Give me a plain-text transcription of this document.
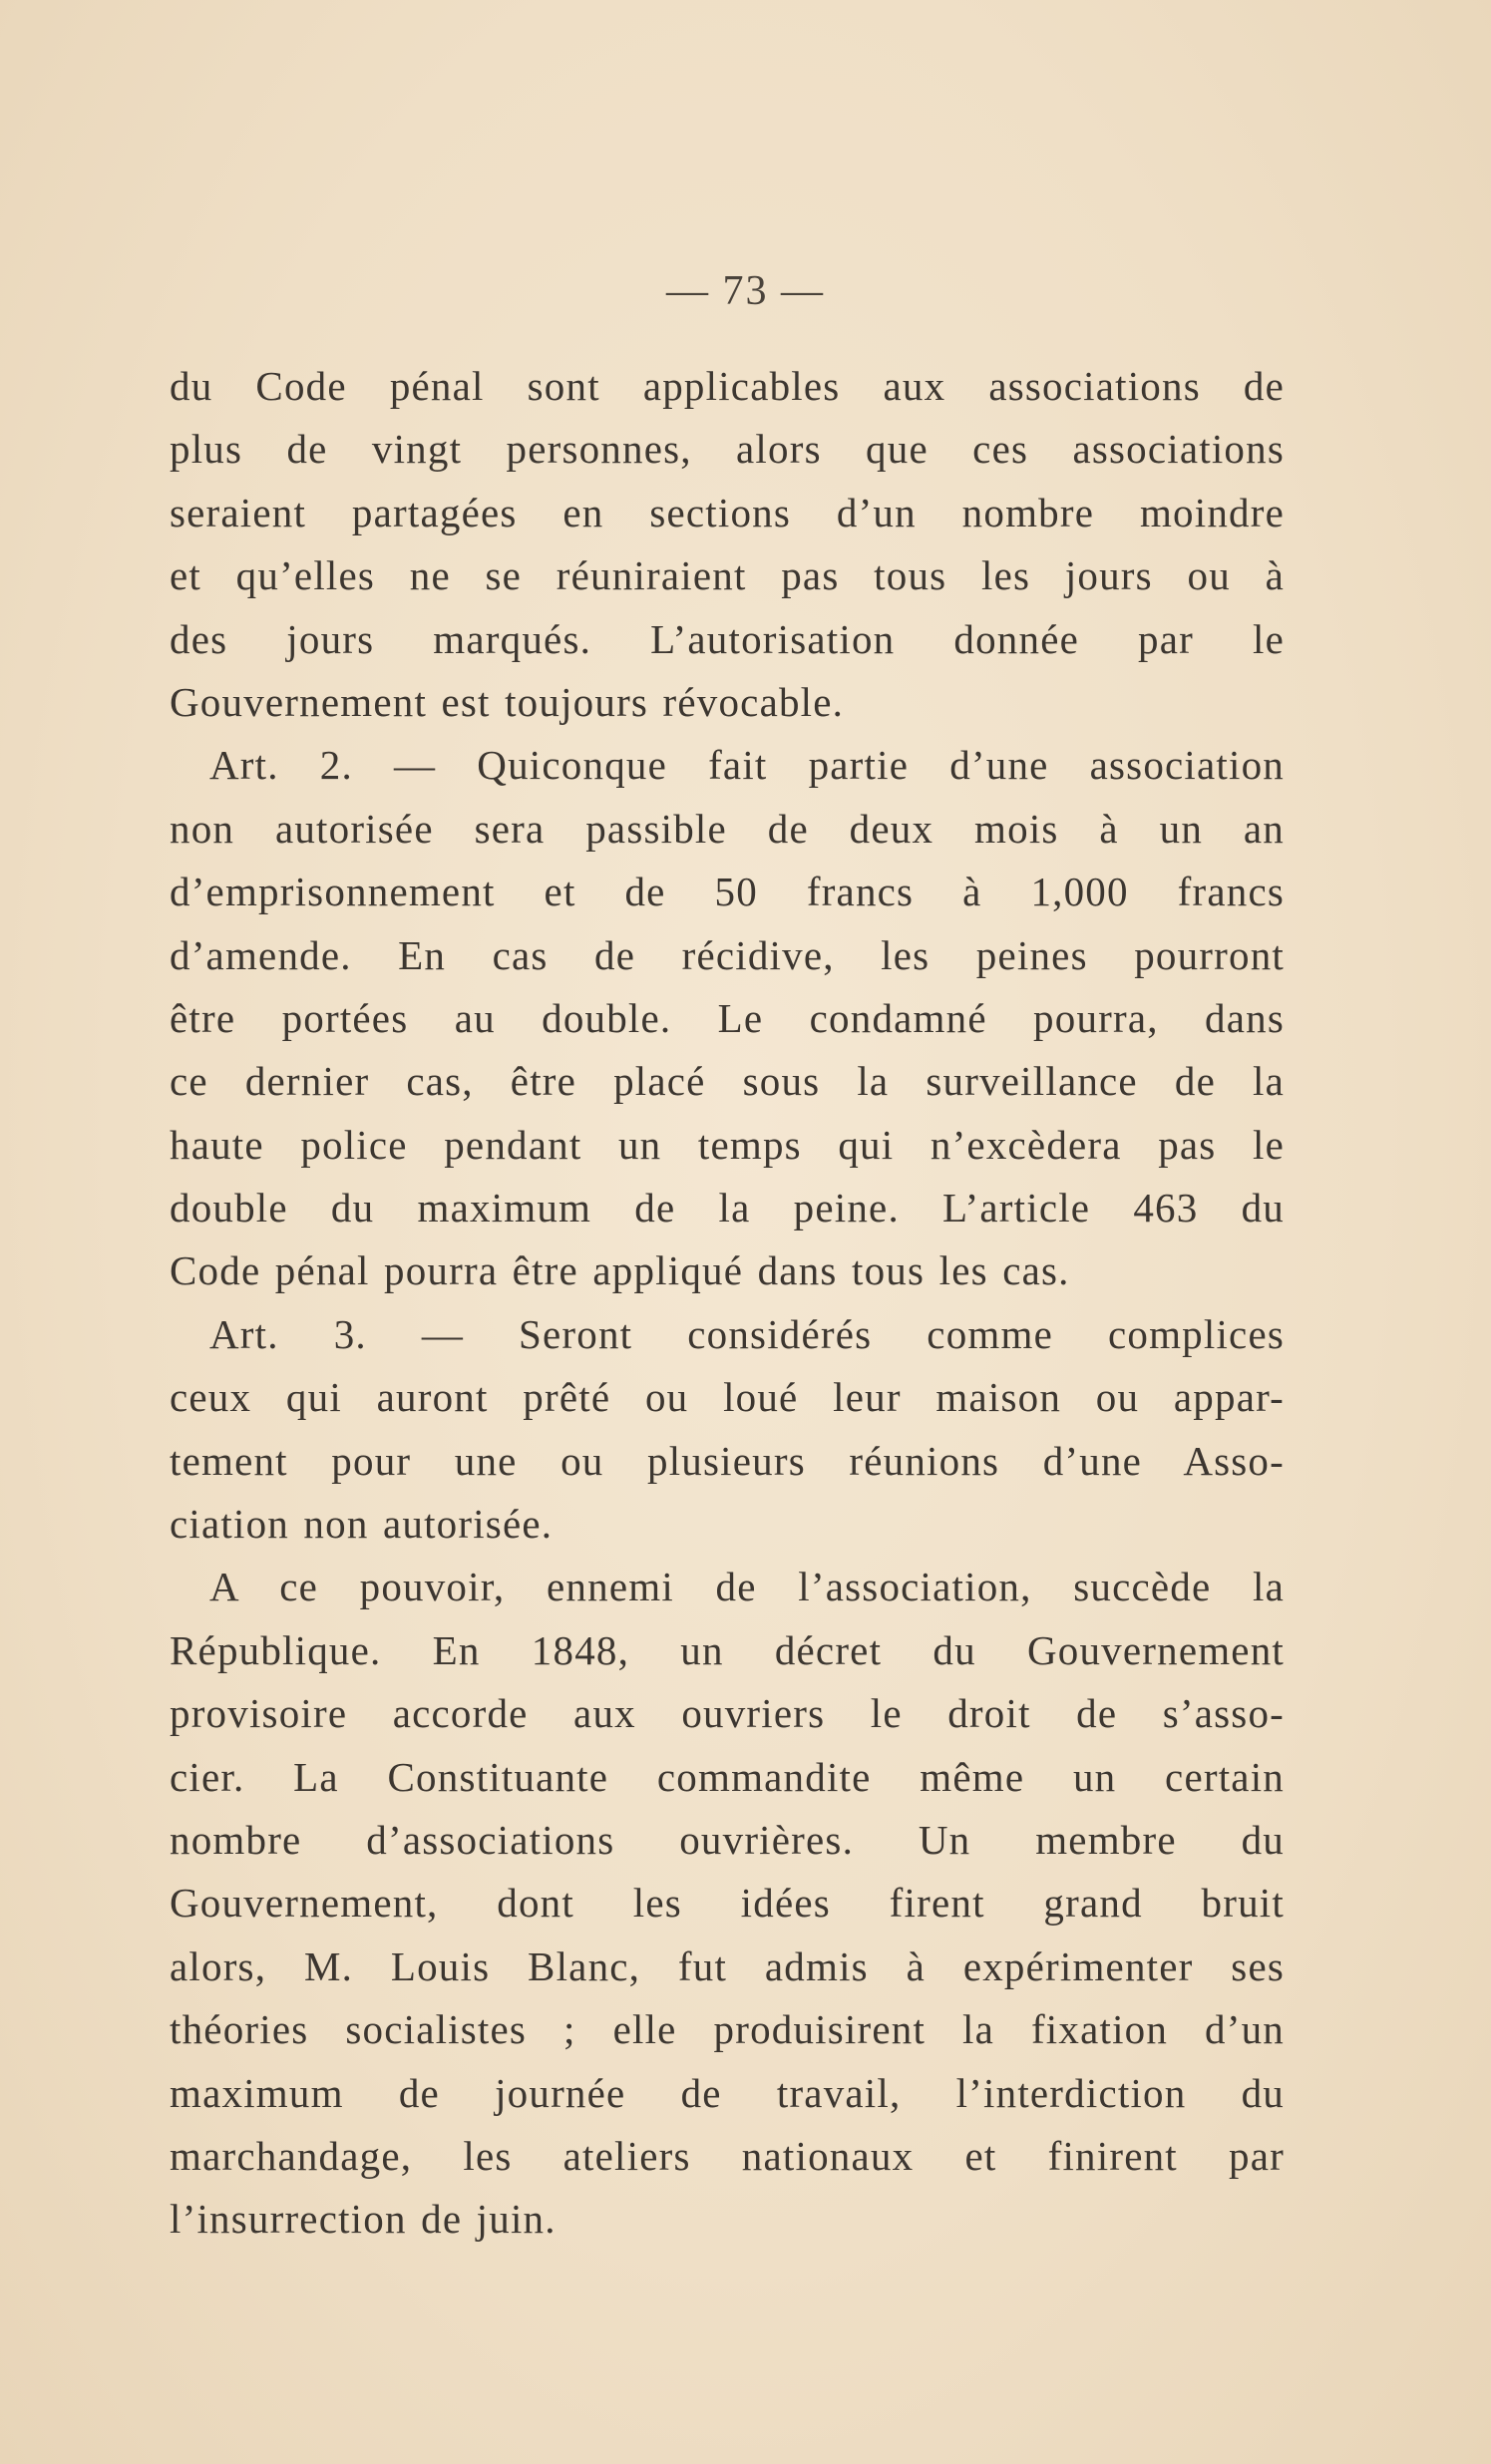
— 73 —
du Code pénal sont applicables aux associations de
plus de vingt personnes, alors que ces associations
seraient partagées en sections d’un nombre moindre
et qu’elles ne se réuniraient pas tous les jours ou à
des jours marqués. L’autorisation donnée par le
Gouvernement est toujours révocable.
Art. 2. — Quiconque fait partie d’une association
non autorisée sera passible de deux mois à un an
d’emprisonnement et de 50 francs à 1,000 francs
d’amende. En cas de récidive, les peines pourront
être portées au double. Le condamné pourra, dans
ce dernier cas, être placé sous la surveillance de la
haute police pendant un temps qui n’excèdera pas le
double du maximum de la peine. L’article 463 du
Code pénal pourra être appliqué dans tous les cas.
Art. 3. — Seront considérés comme complices
ceux qui auront prêté ou loué leur maison ou appar-
tement pour une ou plusieurs réunions d’une Asso-
ciation non autorisée.
A ce pouvoir, ennemi de l’association, succède la
République. En 1848, un décret du Gouvernement
provisoire accorde aux ouvriers le droit de s’asso-
cier. La Constituante commandite même un certain
nombre d’associations ouvrières. Un membre du
Gouvernement, dont les idées firent grand bruit
alors, M. Louis Blanc, fut admis à expérimenter ses
théories socialistes ; elle produisirent la fixation d’un
maximum de journée de travail, l’interdiction du
marchandage, les ateliers nationaux et finirent par
l’insurrection de juin.
